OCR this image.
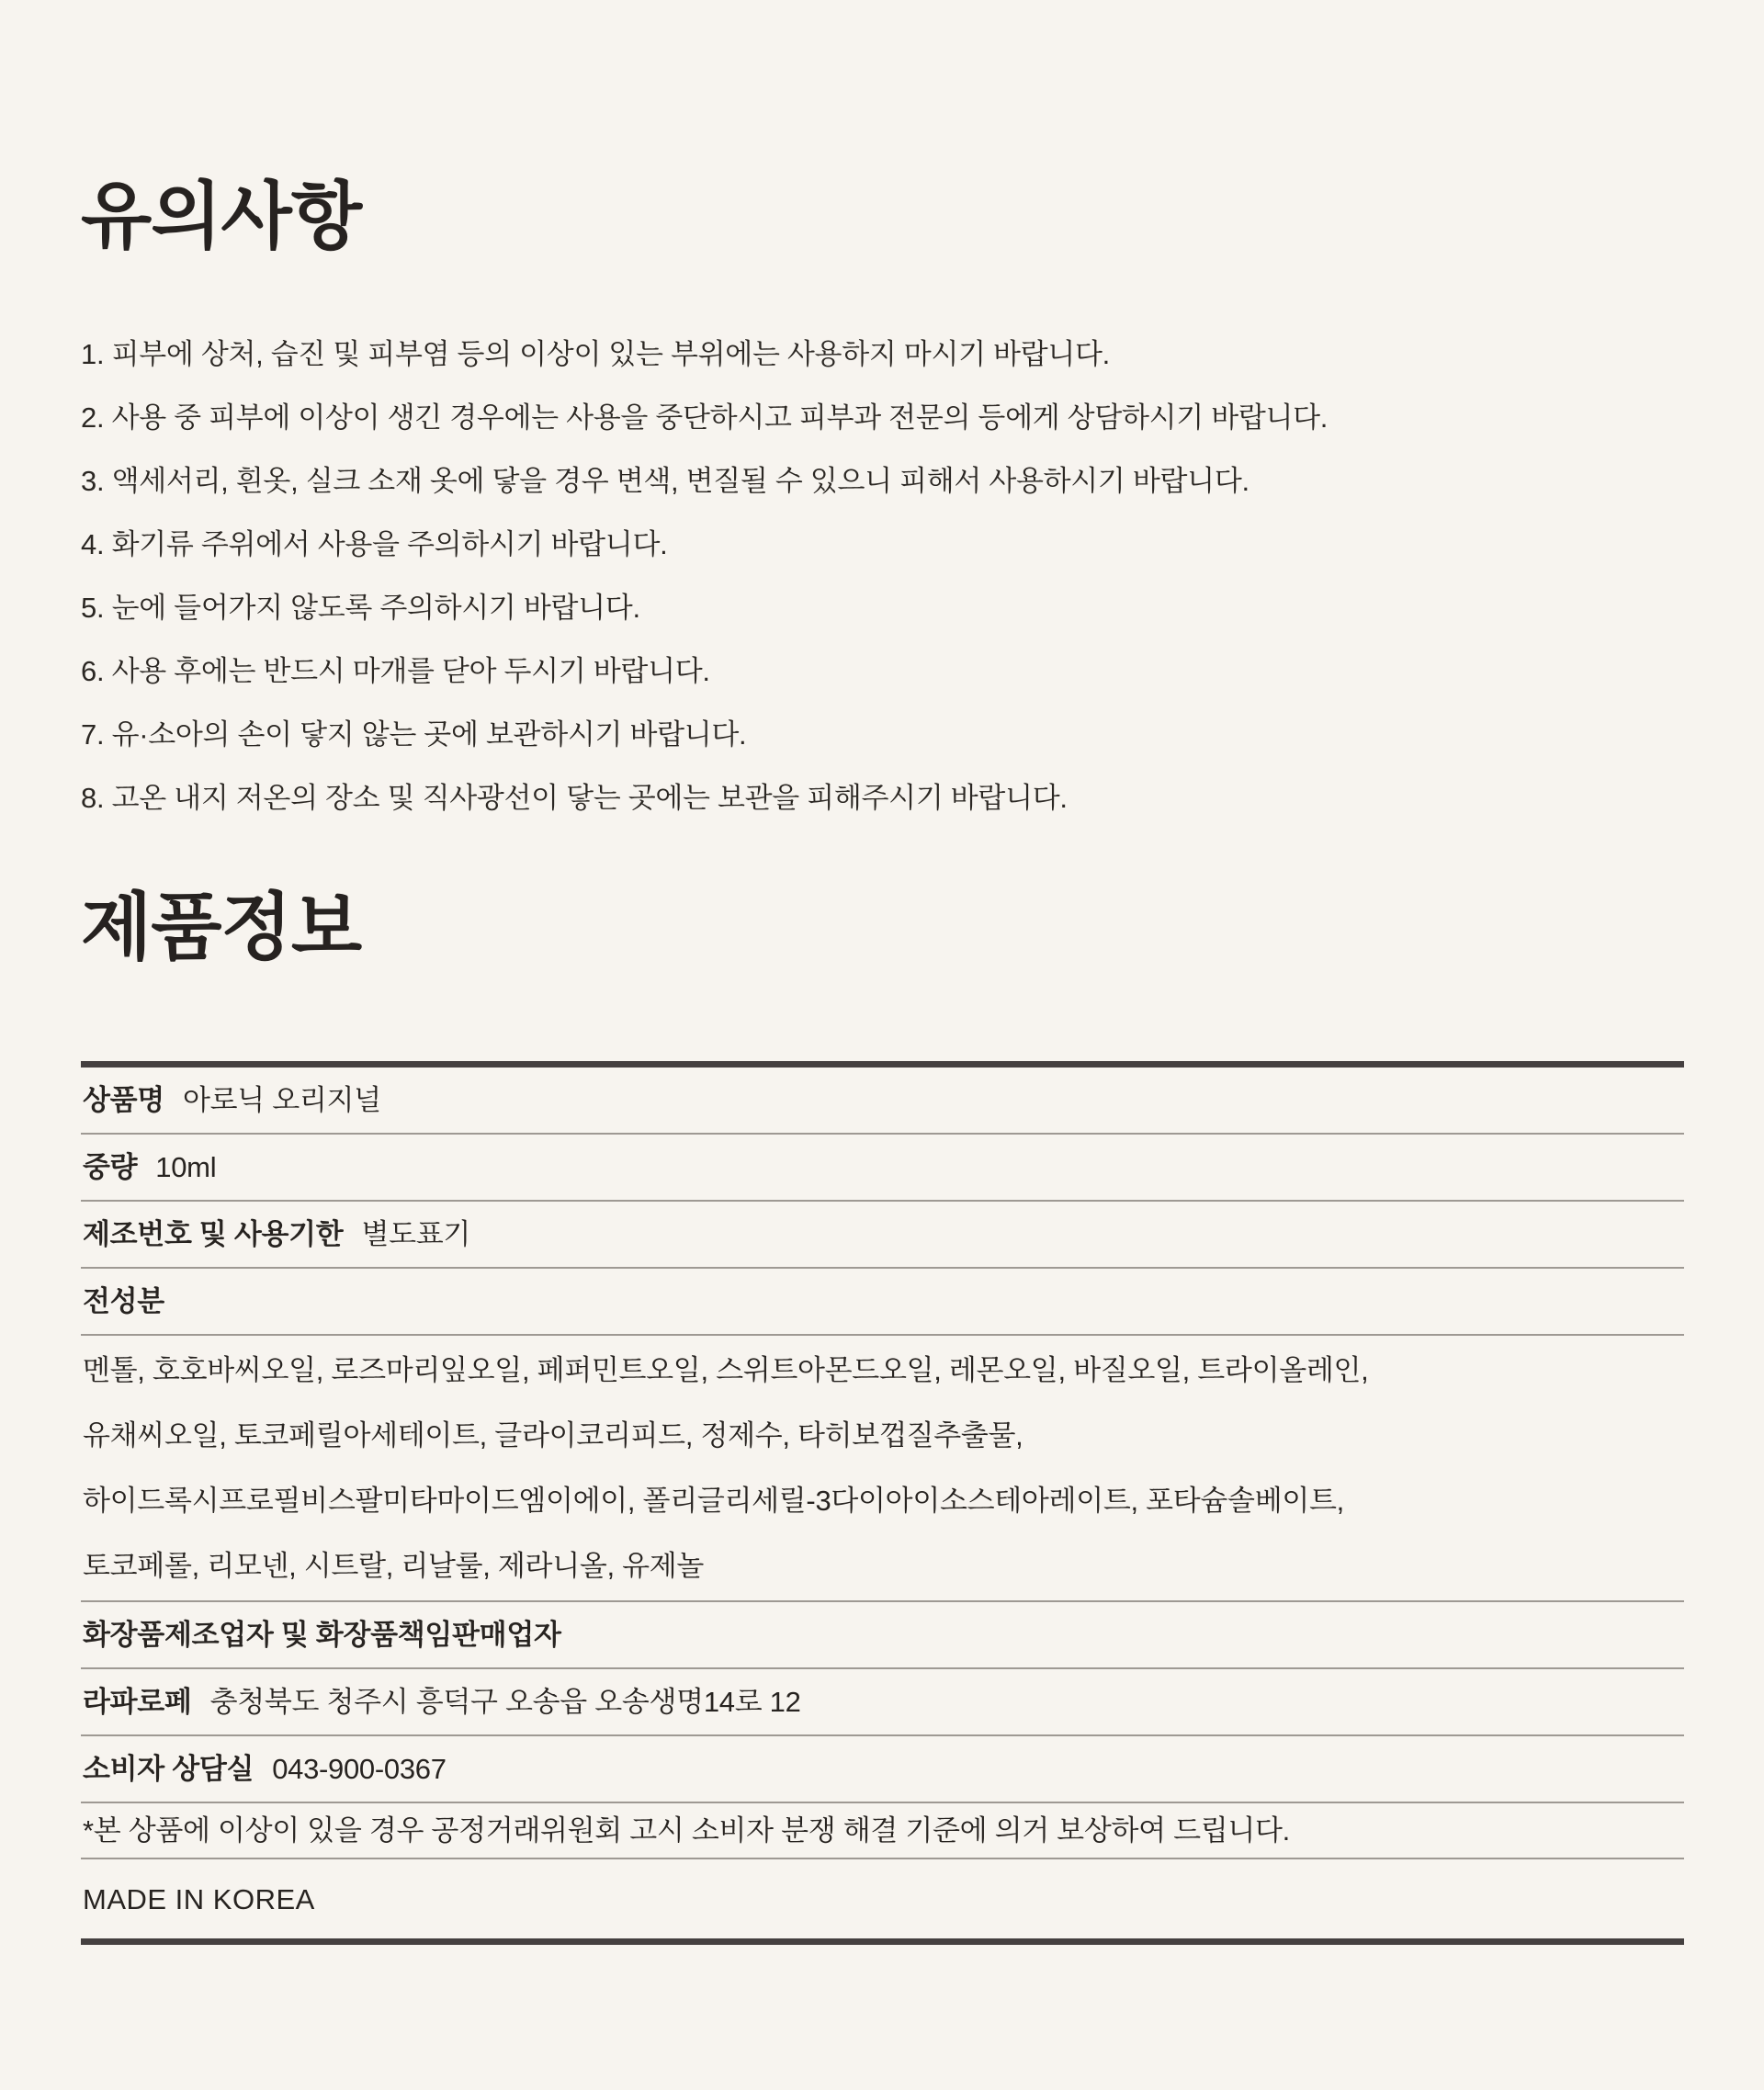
유의사항
1. 피부에 상처, 습진 및 피부염 등의 이상이 있는 부위에는 사용하지 마시기 바랍니다.
2. 사용 중 피부에 이상이 생긴 경우에는 사용을 중단하시고 피부과 전문의 등에게 상담하시기 바랍니다.
3. 액세서리, 흰옷, 실크 소재 옷에 닿을 경우 변색, 변질될 수 있으니 피해서 사용하시기 바랍니다.
4. 화기류 주위에서 사용을 주의하시기 바랍니다.
5. 눈에 들어가지 않도록 주의하시기 바랍니다.
6. 사용 후에는 반드시 마개를 닫아 두시기 바랍니다.
7. 유·소아의 손이 닿지 않는 곳에 보관하시기 바랍니다.
8. 고온 내지 저온의 장소 및 직사광선이 닿는 곳에는 보관을 피해주시기 바랍니다.
제품정보
상품명 아로닉 오리지널
중량 10ml
제조번호 및 사용기한 별도표기
전성분
멘톨, 호호바씨오일, 로즈마리잎오일, 페퍼민트오일, 스위트아몬드오일, 레몬오일, 바질오일, 트라이올레인,
유채씨오일, 토코페릴아세테이트, 글라이코리피드, 정제수, 타히보껍질추출물,
하이드록시프로필비스팔미타마이드엠이에이, 폴리글리세릴-3다이아이소스테아레이트, 포타슘솔베이트,
토코페롤, 리모넨, 시트랄, 리날룰, 제라니올, 유제놀
화장품제조업자 및 화장품책임판매업자
라파로페 충청북도 청주시 흥덕구 오송읍 오송생명14로 12
소비자 상담실 043-900-0367
*본 상품에 이상이 있을 경우 공정거래위원회 고시 소비자 분쟁 해결 기준에 의거 보상하여 드립니다.
MADE IN KOREA
